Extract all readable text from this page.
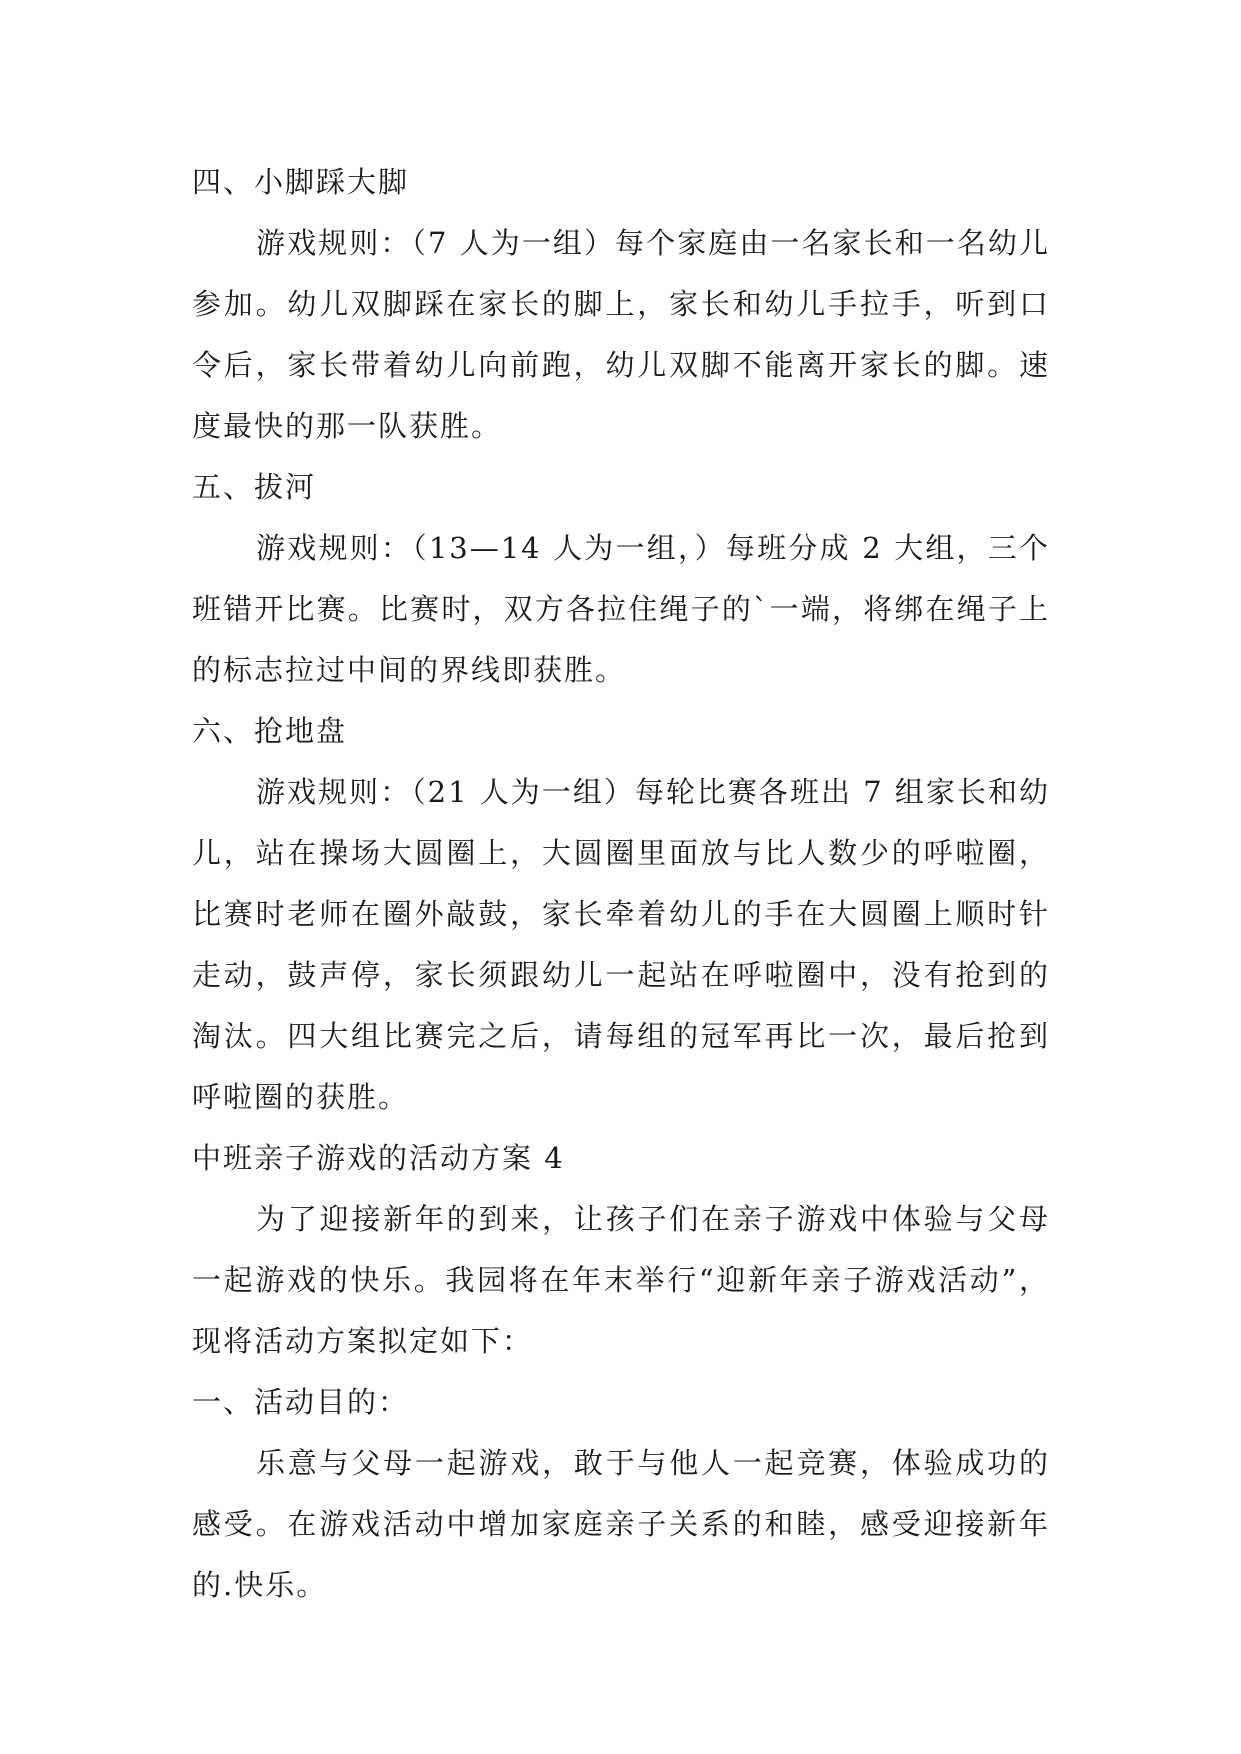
四、小脚踩大脚

游戏规则：（7 人为一组）每个家庭由一名家长和一名幼儿参加。幼儿双脚踩在家长的脚上，家长和幼儿手拉手，听到口令后，家长带着幼儿向前跑，幼儿双脚不能离开家长的脚。速度最快的那一队获胜。

五、拔河

游戏规则：（13—14 人为一组，）每班分成 2 大组，三个班错开比赛。比赛时，双方各拉住绳子的`一端，将绑在绳子上的标志拉过中间的界线即获胜。

六、抢地盘

游戏规则：（21 人为一组）每轮比赛各班出 7 组家长和幼儿，站在操场大圆圈上，大圆圈里面放与比人数少的呼啦圈，比赛时老师在圈外敲鼓，家长牵着幼儿的手在大圆圈上顺时针走动，鼓声停，家长须跟幼儿一起站在呼啦圈中，没有抢到的淘汰。四大组比赛完之后，请每组的冠军再比一次，最后抢到呼啦圈的获胜。

中班亲子游戏的活动方案 4

为了迎接新年的到来，让孩子们在亲子游戏中体验与父母一起游戏的快乐。我园将在年末举行“迎新年亲子游戏活动”，现将活动方案拟定如下：

一、活动目的：

乐意与父母一起游戏，敢于与他人一起竞赛，体验成功的感受。在游戏活动中增加家庭亲子关系的和睦，感受迎接新年的.快乐。
